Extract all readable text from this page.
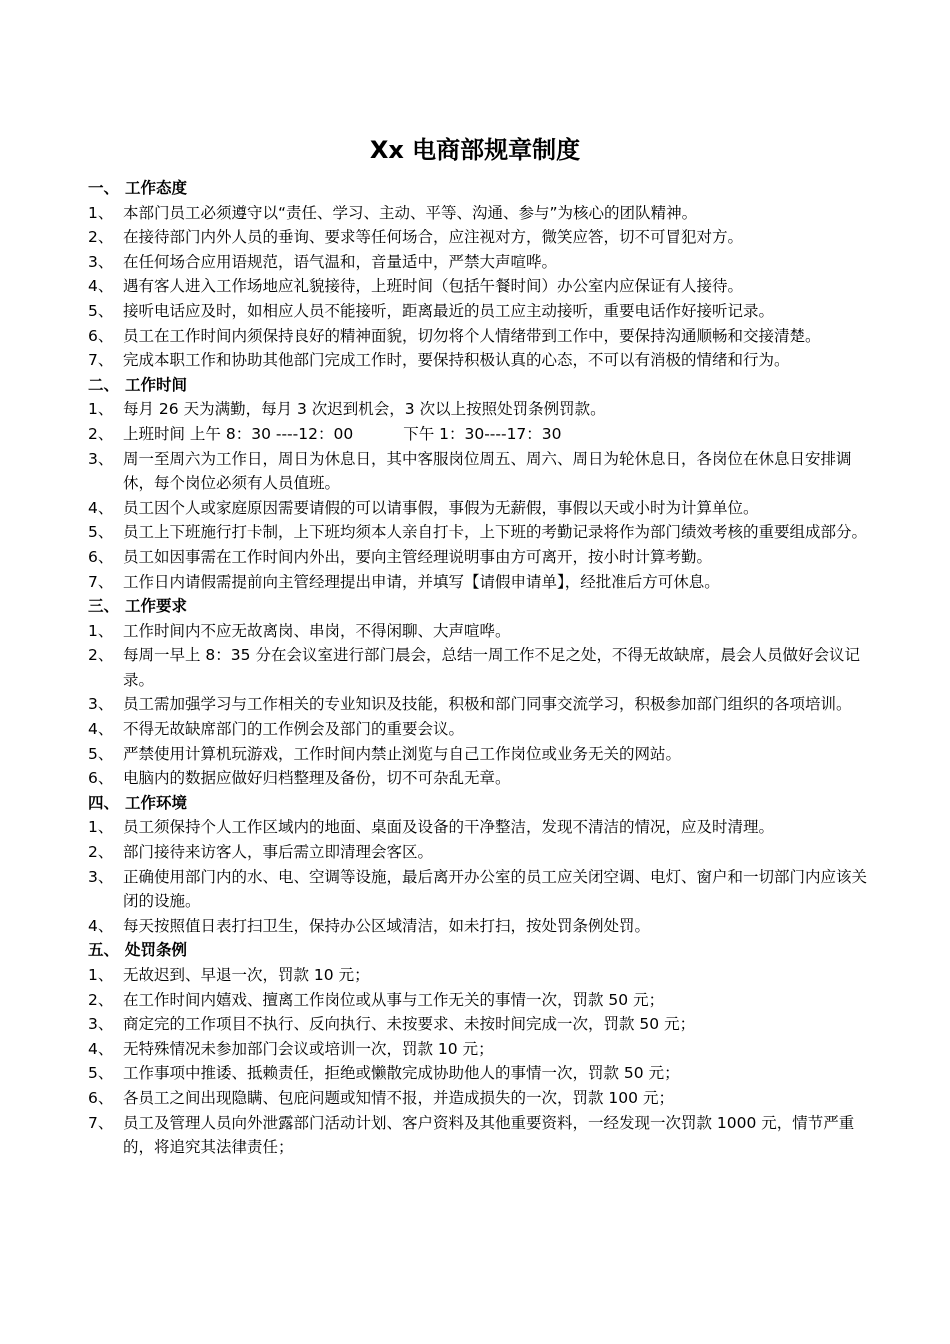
Xx 电商部规章制度
一、 工作态度
1、 本部门员工必须遵守以“责任、学习、主动、平等、沟通、参与”为核心的团队精神。
2、 在接待部门内外人员的垂询、要求等任何场合，应注视对方，微笑应答，切不可冒犯对方。
3、 在任何场合应用语规范，语气温和，音量适中，严禁大声喧哗。
4、 遇有客人进入工作场地应礼貌接待，上班时间（包括午餐时间）办公室内应保证有人接待。
5、 接听电话应及时，如相应人员不能接听，距离最近的员工应主动接听，重要电话作好接听记录。
6、 员工在工作时间内须保持良好的精神面貌，切勿将个人情绪带到工作中，要保持沟通顺畅和交接清楚。
7、 完成本职工作和协助其他部门完成工作时，要保持积极认真的心态，不可以有消极的情绪和行为。
二、 工作时间
1、 每月 26 天为满勤，每月 3 次迟到机会，3 次以上按照处罚条例罚款。
2、 上班时间 上午 8：30 ----12：00	下午 1：30----17：30
3、 周一至周六为工作日，周日为休息日，其中客服岗位周五、周六、周日为轮休息日，各岗位在休息日安排调休，每个岗位必须有人员值班。
4、 员工因个人或家庭原因需要请假的可以请事假，事假为无薪假，事假以天或小时为计算单位。
5、 员工上下班施行打卡制，上下班均须本人亲自打卡，上下班的考勤记录将作为部门绩效考核的重要组成部分。
6、 员工如因事需在工作时间内外出，要向主管经理说明事由方可离开，按小时计算考勤。
7、 工作日内请假需提前向主管经理提出申请，并填写【请假申请单】，经批准后方可休息。
三、 工作要求
1、 工作时间内不应无故离岗、串岗，不得闲聊、大声喧哗。
2、 每周一早上 8：35 分在会议室进行部门晨会，总结一周工作不足之处，不得无故缺席，晨会人员做好会议记录。
3、 员工需加强学习与工作相关的专业知识及技能，积极和部门同事交流学习，积极参加部门组织的各项培训。
4、 不得无故缺席部门的工作例会及部门的重要会议。
5、 严禁使用计算机玩游戏，工作时间内禁止浏览与自己工作岗位或业务无关的网站。
6、 电脑内的数据应做好归档整理及备份，切不可杂乱无章。
四、 工作环境
1、 员工须保持个人工作区域内的地面、桌面及设备的干净整洁，发现不清洁的情况，应及时清理。
2、 部门接待来访客人，事后需立即清理会客区。
3、 正确使用部门内的水、电、空调等设施，最后离开办公室的员工应关闭空调、电灯、窗户和一切部门内应该关闭的设施。
4、 每天按照值日表打扫卫生，保持办公区域清洁，如未打扫，按处罚条例处罚。
五、 处罚条例
1、 无故迟到、早退一次，罚款 10 元；
2、 在工作时间内嬉戏、擅离工作岗位或从事与工作无关的事情一次，罚款 50 元；
3、 商定完的工作项目不执行、反向执行、未按要求、未按时间完成一次，罚款 50 元；
4、 无特殊情况未参加部门会议或培训一次，罚款 10 元；
5、 工作事项中推诿、抵赖责任，拒绝或懒散完成协助他人的事情一次，罚款 50 元；
6、 各员工之间出现隐瞒、包庇问题或知情不报，并造成损失的一次，罚款 100 元；
7、 员工及管理人员向外泄露部门活动计划、客户资料及其他重要资料，一经发现一次罚款 1000 元，情节严重的，将追究其法律责任；
